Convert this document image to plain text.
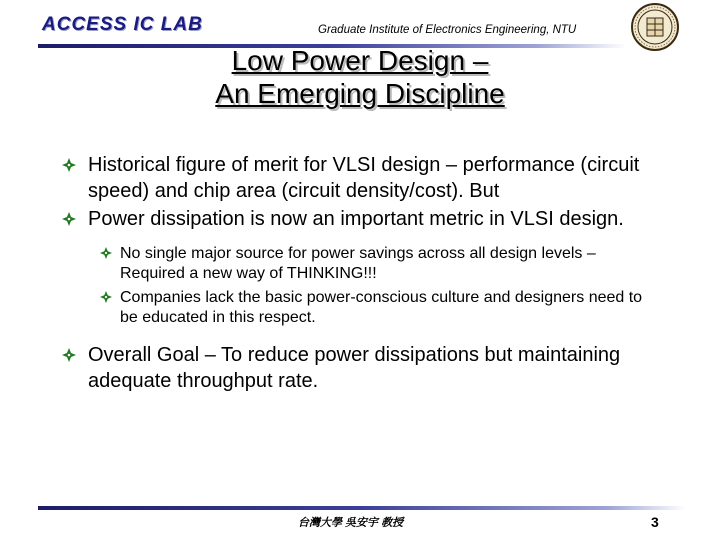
ACCESS IC LAB	Graduate Institute of Electronics Engineering, NTU
Low Power Design –
An Emerging Discipline
Historical figure of merit for VLSI design – performance (circuit speed) and chip area (circuit density/cost). But
Power dissipation is now an important metric in VLSI design.
No single major source for power savings across all design levels – Required a new way of THINKING!!!
Companies lack the basic power-conscious culture and designers need to be educated in this respect.
Overall Goal – To reduce power dissipations but maintaining adequate throughput rate.
台灣大學 吳安宇 教授	3
